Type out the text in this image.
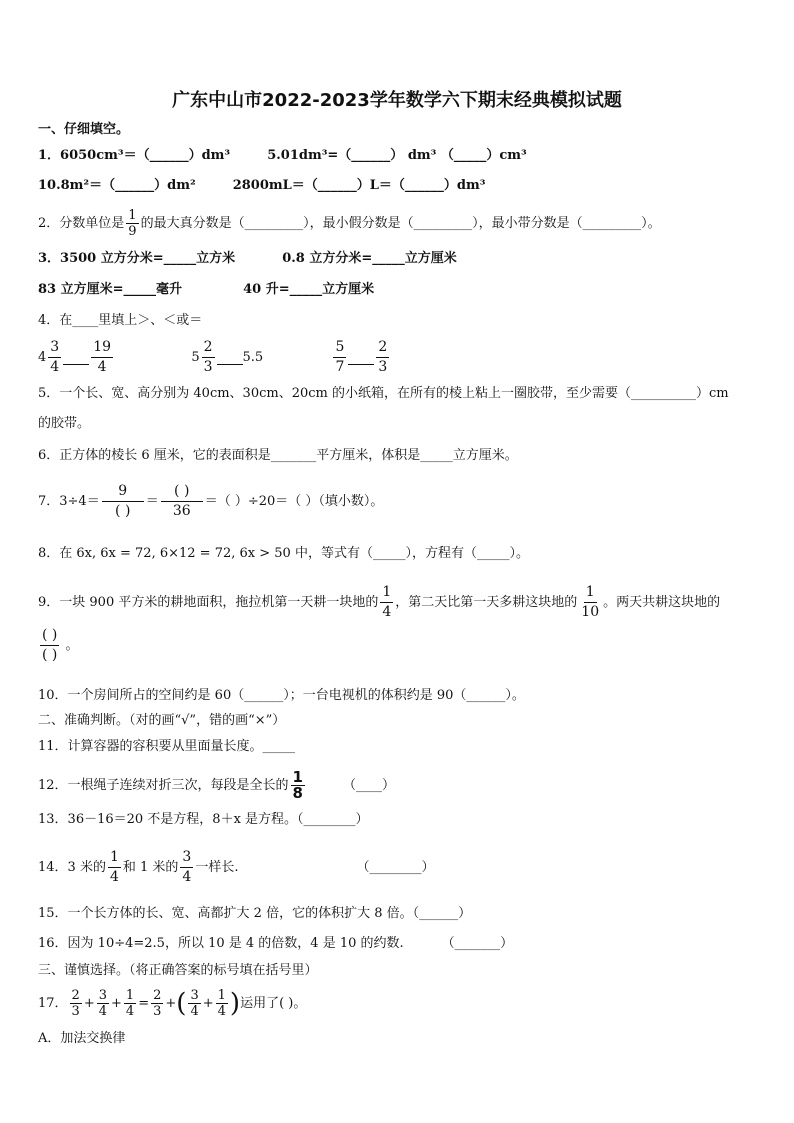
广东中山市2022-2023学年数学六下期末经典模拟试题
一、仔细填空。
1．6050cm³＝（______）dm³	5.01dm³=（______） dm³ （_____）cm³
10.8m²＝（______）dm²	2800mL＝（______）L＝（______）dm³
2．分数单位是 $\frac{1}{9}$ 的最大真分数是（_________），最小假分数是（_________），最小带分数是（_________）。
3．3500 立方分米=_____立方米	0.8 立方分米=_____立方厘米
83 立方厘米=_____毫升	40 升=_____立方厘米
4．在____里填上＞、＜或＝
$4 \frac{3}{4} \frac{19}{4}$
	$5 \frac{2}{3} 5.5$
	$\frac{5}{7} \frac{2}{3}$
5．一个长、宽、高分别为 40cm、30cm、20cm 的小纸箱，在所有的棱上粘上一圈胶带，至少需要（__________）cm
的胶带。
6．正方体的棱长 6 厘米，它的表面积是_______平方厘米，体积是_____立方厘米。
7．$3\div 4= \frac{9}{( )} = \frac{( )}{36}$ ＝（ ）÷20＝（ ）（填小数）。
8．在 6x, 6x = 72, 6×12 = 72, 6x > 50 中，等式有（_____），方程有（_____）。
9．一块 900 平方米的耕地面积，拖拉机第一天耕一块地的 $\frac{1}{4}$ ，第二天比第一天多耕这块地的 $\frac{1}{10}$ 。两天共耕这块地的
$\frac{( )}{( )}$ 。
10．一个房间所占的空间约是 60（______）；一台电视机的体积约是 90（______）。
二、准确判断。（对的画“√”，错的画“×”）
11．计算容器的容积要从里面量长度。_____
12．一根绳子连续对折三次，每段是全长的 $\frac{1}{8}$	（____）
13．36－16＝20 不是方程，8＋x 是方程。（________）
14．3 米的 $\frac{1}{4}$ 和 1 米的 $\frac{3}{4}$ 一样长.	（________）
15．一个长方体的长、宽、高都扩大 2 倍，它的体积扩大 8 倍。（______）
16．因为 10÷4=2.5，所以 10 是 4 的倍数，4 是 10 的约数.	（_______）
三、谨慎选择。（将正确答案的标号填在括号里）
17． $\frac{2}{3} + \frac{3}{4} + \frac{1}{4} = \frac{2}{3}$ +( $\frac{3}{4} + \frac{1}{4}$ )运用了( )。
A．加法交换律
